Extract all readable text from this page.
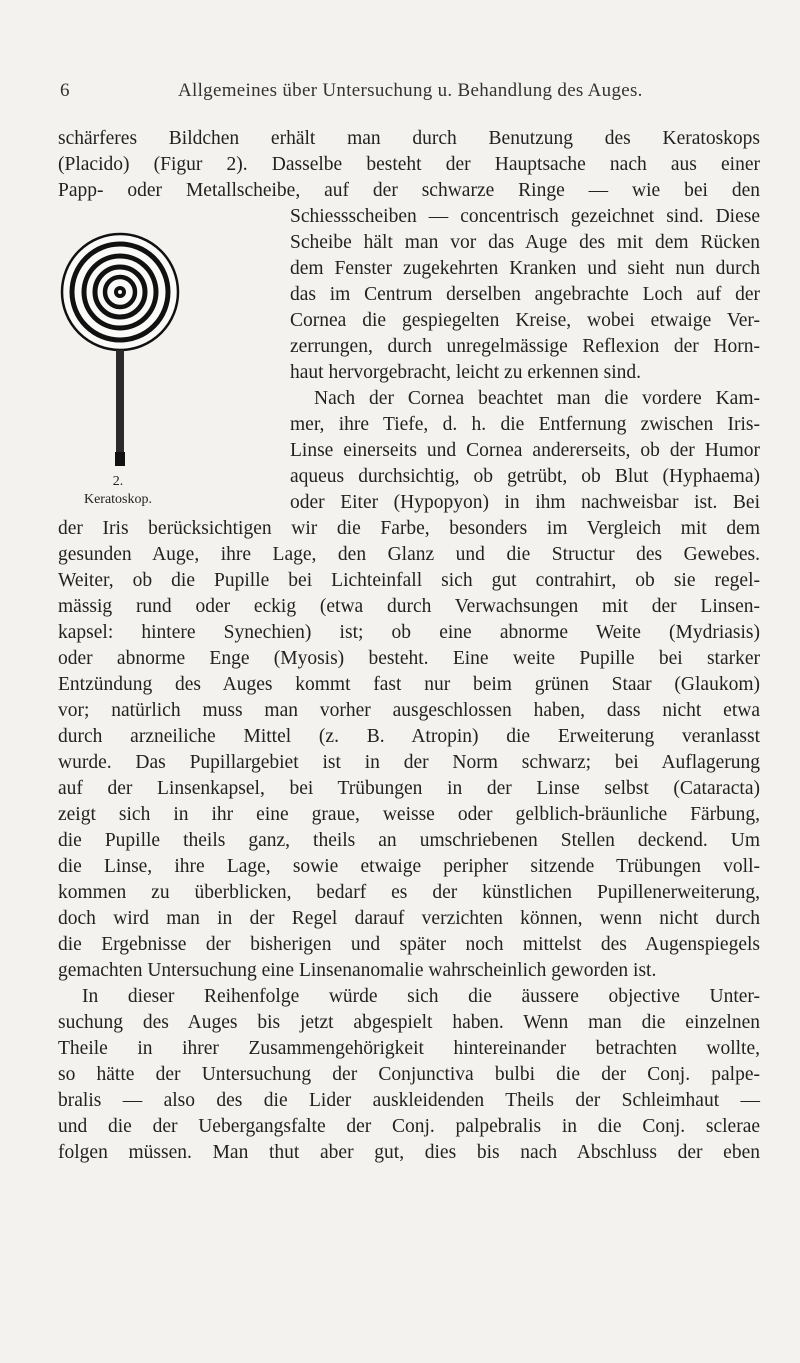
6	Allgemeines über Untersuchung u. Behandlung des Auges.
2.
Keratoskop.
schärferes Bildchen erhält man durch Benutzung des Keratoskops
(Placido) (Figur 2). Dasselbe besteht der Hauptsache nach aus einer
Papp- oder Metallscheibe, auf der schwarze Ringe — wie bei den
Schiessscheiben — concentrisch gezeichnet sind. Diese
Scheibe hält man vor das Auge des mit dem Rücken
dem Fenster zugekehrten Kranken und sieht nun durch
das im Centrum derselben angebrachte Loch auf der
Cornea die gespiegelten Kreise, wobei etwaige Ver-
zerrungen, durch unregelmässige Reflexion der Horn-
haut hervorgebracht, leicht zu erkennen sind.
Nach der Cornea beachtet man die vordere Kam-
mer, ihre Tiefe, d. h. die Entfernung zwischen Iris-
Linse einerseits und Cornea andererseits, ob der Humor
aqueus durchsichtig, ob getrübt, ob Blut (Hyphaema)
oder Eiter (Hypopyon) in ihm nachweisbar ist. Bei
der Iris berücksichtigen wir die Farbe, besonders im Vergleich mit dem
gesunden Auge, ihre Lage, den Glanz und die Structur des Gewebes.
Weiter, ob die Pupille bei Lichteinfall sich gut contrahirt, ob sie regel-
mässig rund oder eckig (etwa durch Verwachsungen mit der Linsen-
kapsel: hintere Synechien) ist; ob eine abnorme Weite (Mydriasis)
oder abnorme Enge (Myosis) besteht. Eine weite Pupille bei starker
Entzündung des Auges kommt fast nur beim grünen Staar (Glaukom)
vor; natürlich muss man vorher ausgeschlossen haben, dass nicht etwa
durch arzneiliche Mittel (z. B. Atropin) die Erweiterung veranlasst
wurde. Das Pupillargebiet ist in der Norm schwarz; bei Auflagerung
auf der Linsenkapsel, bei Trübungen in der Linse selbst (Cataracta)
zeigt sich in ihr eine graue, weisse oder gelblich-bräunliche Färbung,
die Pupille theils ganz, theils an umschriebenen Stellen deckend. Um
die Linse, ihre Lage, sowie etwaige peripher sitzende Trübungen voll-
kommen zu überblicken, bedarf es der künstlichen Pupillenerweiterung,
doch wird man in der Regel darauf verzichten können, wenn nicht durch
die Ergebnisse der bisherigen und später noch mittelst des Augenspiegels
gemachten Untersuchung eine Linsenanomalie wahrscheinlich geworden ist.
In dieser Reihenfolge würde sich die äussere objective Unter-
suchung des Auges bis jetzt abgespielt haben. Wenn man die einzelnen
Theile in ihrer Zusammengehörigkeit hintereinander betrachten wollte,
so hätte der Untersuchung der Conjunctiva bulbi die der Conj. palpe-
bralis — also des die Lider auskleidenden Theils der Schleimhaut —
und die der Uebergangsfalte der Conj. palpebralis in die Conj. sclerae
folgen müssen. Man thut aber gut, dies bis nach Abschluss der eben
